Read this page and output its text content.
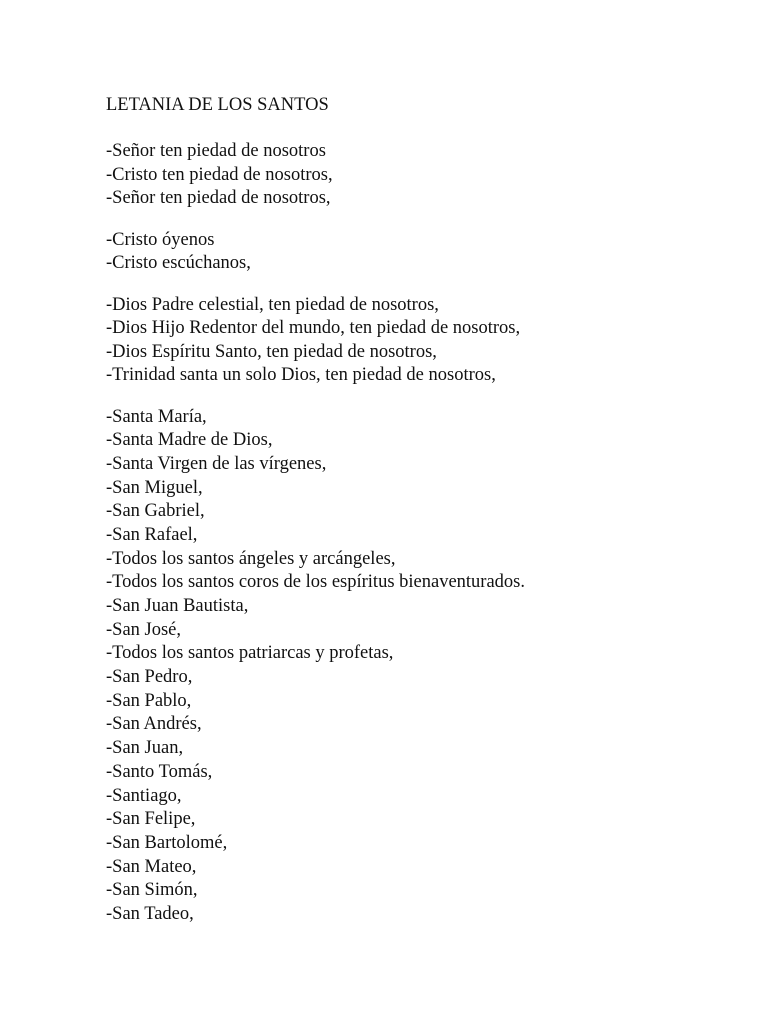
LETANIA DE LOS SANTOS
-Señor ten piedad de nosotros
-Cristo ten piedad de nosotros,
-Señor ten piedad de nosotros,
-Cristo óyenos
-Cristo escúchanos,
-Dios Padre celestial, ten piedad de nosotros,
-Dios Hijo Redentor del mundo, ten piedad de nosotros,
-Dios Espíritu Santo, ten piedad de nosotros,
-Trinidad santa un solo Dios, ten piedad de nosotros,
-Santa María,
-Santa Madre de Dios,
-Santa Virgen de las vírgenes,
-San Miguel,
-San Gabriel,
-San Rafael,
-Todos los santos ángeles y arcángeles,
-Todos los santos coros de los espíritus bienaventurados.
-San Juan Bautista,
-San José,
-Todos los santos patriarcas y profetas,
-San Pedro,
-San Pablo,
-San Andrés,
-San Juan,
-Santo Tomás,
-Santiago,
-San Felipe,
-San Bartolomé,
-San Mateo,
-San Simón,
-San Tadeo,
